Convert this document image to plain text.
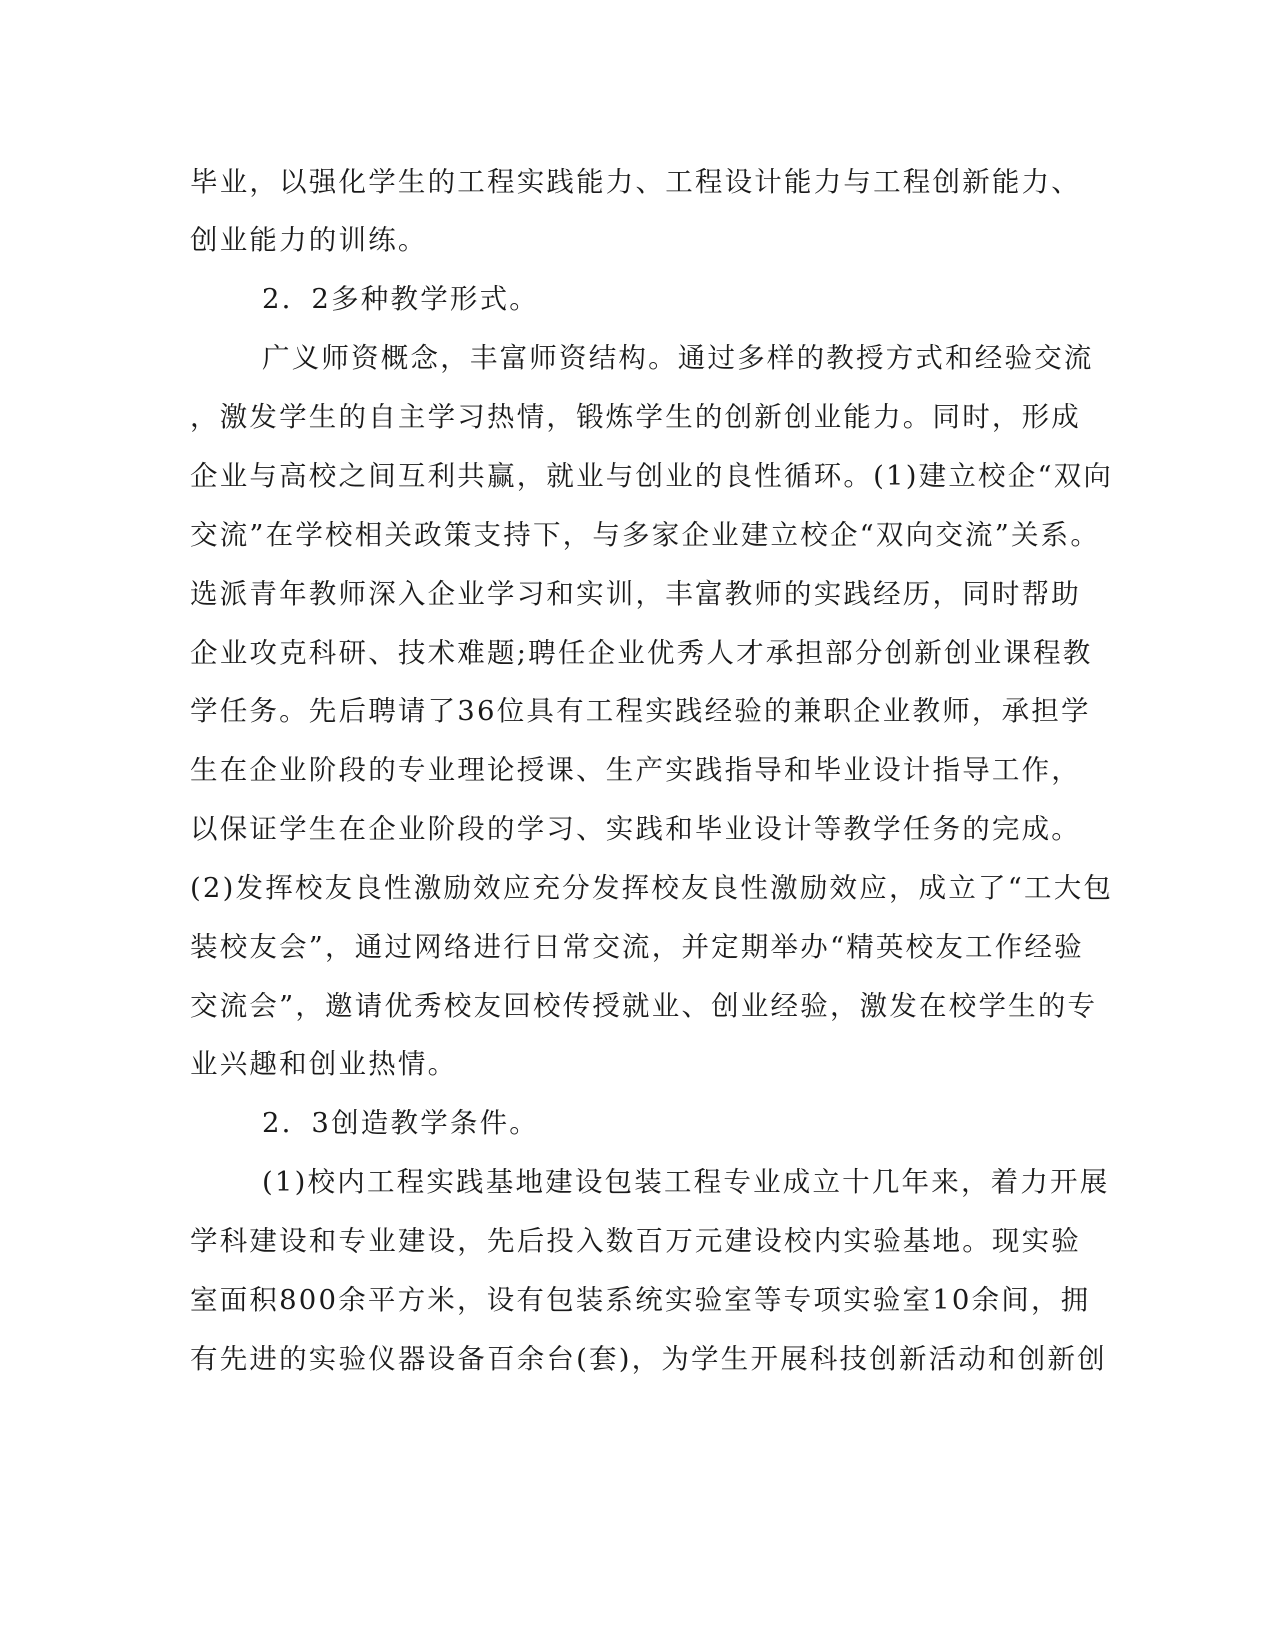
毕业，以强化学生的工程实践能力、工程设计能力与工程创新能力、
创业能力的训练。
2．2多种教学形式。
广义师资概念，丰富师资结构。通过多样的教授方式和经验交流
，激发学生的自主学习热情，锻炼学生的创新创业能力。同时，形成
企业与高校之间互利共赢，就业与创业的良性循环。(1)建立校企“双向
交流”在学校相关政策支持下，与多家企业建立校企“双向交流”关系。
选派青年教师深入企业学习和实训，丰富教师的实践经历，同时帮助
企业攻克科研、技术难题;聘任企业优秀人才承担部分创新创业课程教
学任务。先后聘请了36位具有工程实践经验的兼职企业教师，承担学
生在企业阶段的专业理论授课、生产实践指导和毕业设计指导工作，
以保证学生在企业阶段的学习、实践和毕业设计等教学任务的完成。
(2)发挥校友良性激励效应充分发挥校友良性激励效应，成立了“工大包
装校友会”，通过网络进行日常交流，并定期举办“精英校友工作经验
交流会”，邀请优秀校友回校传授就业、创业经验，激发在校学生的专
业兴趣和创业热情。
2．3创造教学条件。
(1)校内工程实践基地建设包装工程专业成立十几年来，着力开展
学科建设和专业建设，先后投入数百万元建设校内实验基地。现实验
室面积800余平方米，设有包装系统实验室等专项实验室10余间，拥
有先进的实验仪器设备百余台(套)，为学生开展科技创新活动和创新创
